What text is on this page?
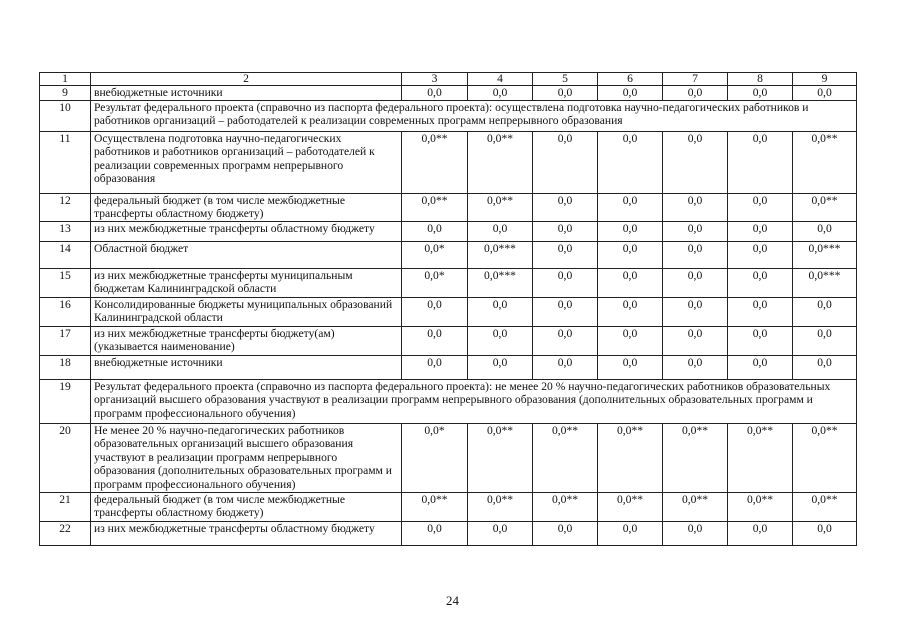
1	2	3	4	5	6	7	8	9
9	внебюджетные источники	0,0	0,0	0,0	0,0	0,0	0,0	0,0
10	Результат федерального проекта (справочно из паспорта федерального проекта): осуществлена подготовка научно-педагогических работников и работников организаций – работодателей к реализации современных программ непрерывного образования							
11	Осуществлена подготовка научно-педагогических работников и работников организаций – работодателей к реализации современных программ непрерывного образования	0,0**	0,0**	0,0	0,0	0,0	0,0	0,0**
12	федеральный бюджет (в том числе межбюджетные трансферты областному бюджету)	0,0**	0,0**	0,0	0,0	0,0	0,0	0,0**
13	из них межбюджетные трансферты областному бюджету	0,0	0,0	0,0	0,0	0,0	0,0	0,0
14	Областной бюджет	0,0*	0,0***	0,0	0,0	0,0	0,0	0,0***
15	из них межбюджетные трансферты муниципальным бюджетам Калининградской области	0,0*	0,0***	0,0	0,0	0,0	0,0	0,0***
16	Консолидированные бюджеты муниципальных образований Калининградской области	0,0	0,0	0,0	0,0	0,0	0,0	0,0
17	из них межбюджетные трансферты бюджету(ам) (указывается наименование)	0,0	0,0	0,0	0,0	0,0	0,0	0,0
18	внебюджетные источники	0,0	0,0	0,0	0,0	0,0	0,0	0,0
19	Результат федерального проекта (справочно из паспорта федерального проекта): не менее 20 % научно-педагогических работников образовательных организаций высшего образования участвуют в реализации программ непрерывного образования (дополнительных образовательных программ и программ профессионального обучения)							
20	Не менее 20 % научно-педагогических работников образовательных организаций высшего образования участвуют в реализации программ непрерывного образования (дополнительных образовательных программ и программ профессионального обучения)	0,0*	0,0**	0,0**	0,0**	0,0**	0,0**	0,0**
21	федеральный бюджет (в том числе межбюджетные трансферты областному бюджету)	0,0**	0,0**	0,0**	0,0**	0,0**	0,0**	0,0**
22	из них межбюджетные трансферты областному бюджету	0,0	0,0	0,0	0,0	0,0	0,0	0,0
24
